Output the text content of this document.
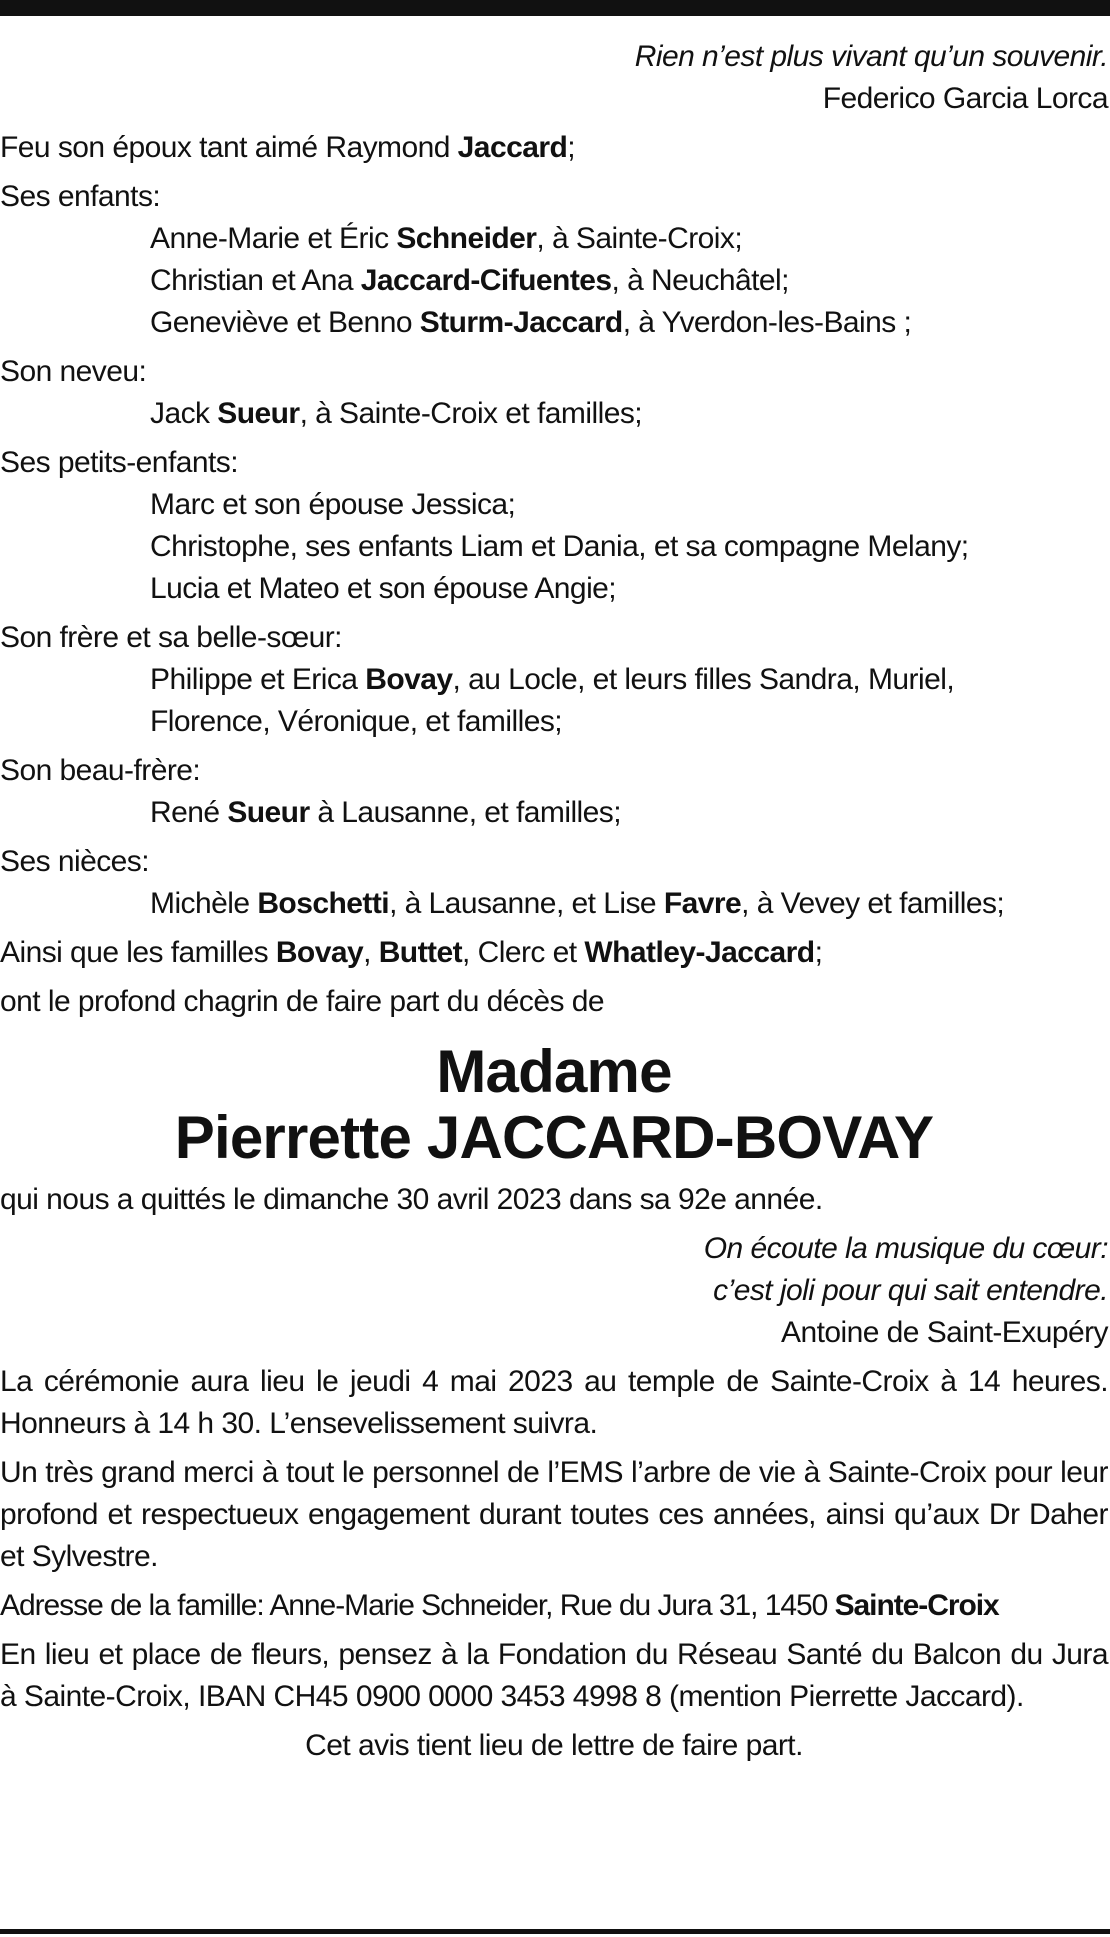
Rien n’est plus vivant qu’un souvenir.
Federico Garcia Lorca
Feu son époux tant aimé Raymond Jaccard;
Ses enfants:
Anne-Marie et Éric Schneider, à Sainte-Croix;
Christian et Ana Jaccard-Cifuentes, à Neuchâtel;
Geneviève et Benno Sturm-Jaccard, à Yverdon-les-Bains ;
Son neveu:
Jack Sueur, à Sainte-Croix et familles;
Ses petits-enfants:
Marc et son épouse Jessica;
Christophe, ses enfants Liam et Dania, et sa compagne Melany;
Lucia et Mateo et son épouse Angie;
Son frère et sa belle-sœur:
Philippe et Erica Bovay, au Locle, et leurs filles Sandra, Muriel,
Florence, Véronique, et familles;
Son beau-frère:
René Sueur à Lausanne, et familles;
Ses nièces:
Michèle Boschetti, à Lausanne, et Lise Favre, à Vevey et familles;
Ainsi que les familles Bovay, Buttet, Clerc et Whatley-Jaccard;
ont le profond chagrin de faire part du décès de
Madame
Pierrette JACCARD-BOVAY
qui nous a quittés le dimanche 30 avril 2023 dans sa 92e année.
On écoute la musique du cœur:
c’est joli pour qui sait entendre.
Antoine de Saint-Exupéry
La cérémonie aura lieu le jeudi 4 mai 2023 au temple de Sainte-Croix à 14 heures. Honneurs à 14 h 30. L’ensevelissement suivra.
Un très grand merci à tout le personnel de l’EMS l’arbre de vie à Sainte-Croix pour leur profond et respectueux engagement durant toutes ces années, ainsi qu’aux Dr Daher et Sylvestre.
Adresse de la famille: Anne-Marie Schneider, Rue du Jura 31, 1450 Sainte-Croix
En lieu et place de fleurs, pensez à la Fondation du Réseau Santé du Balcon du Jura à Sainte-Croix, IBAN CH45 0900 0000 3453 4998 8 (mention Pierrette Jaccard).
Cet avis tient lieu de lettre de faire part.
